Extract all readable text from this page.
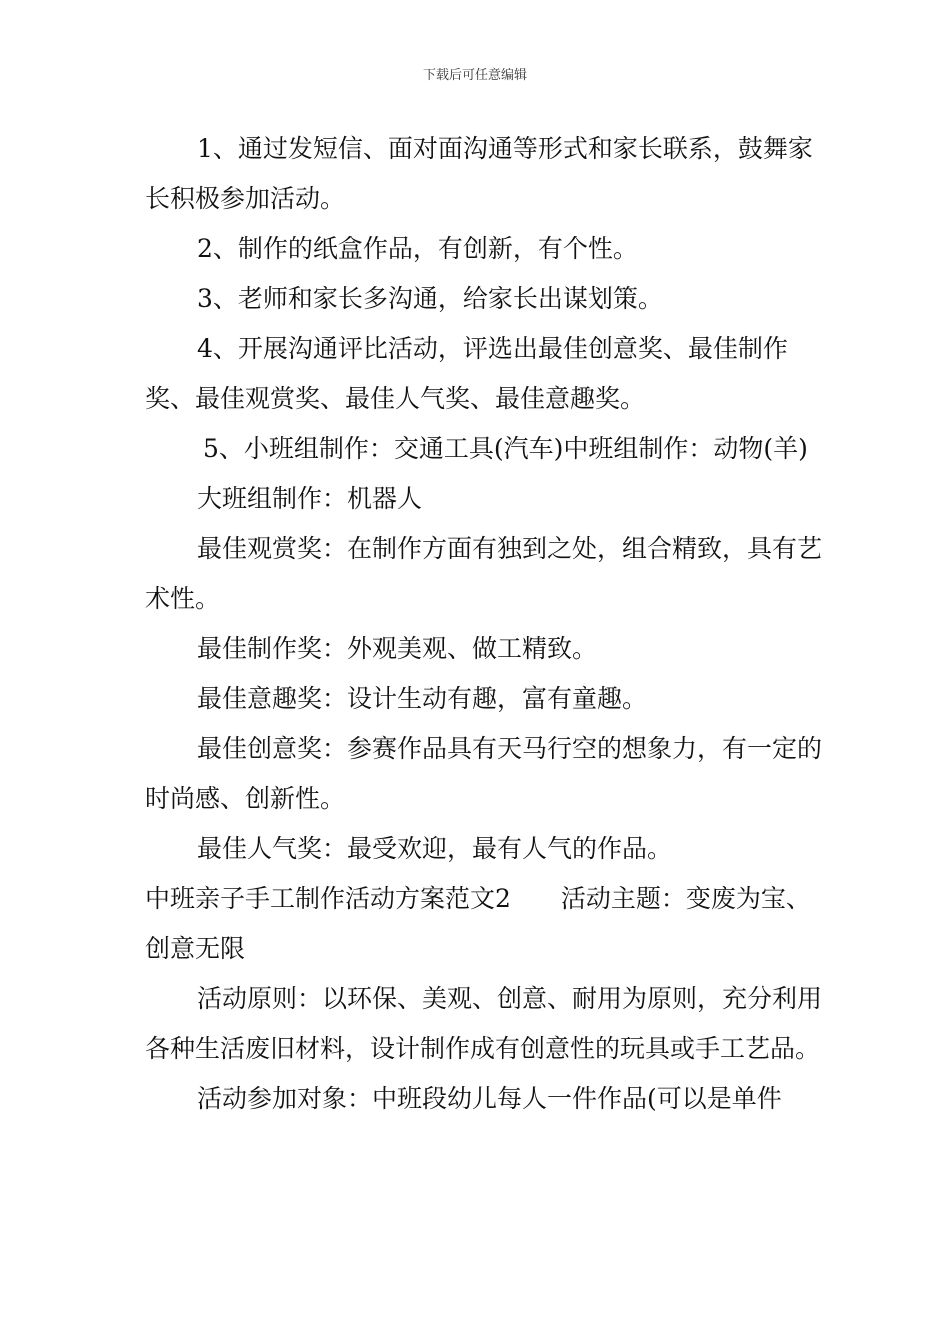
下载后可任意编辑

1、通过发短信、面对面沟通等形式和家长联系，鼓舞家长积极参加活动。

2、制作的纸盒作品，有创新，有个性。

3、老师和家长多沟通，给家长出谋划策。

4、开展沟通评比活动，评选出最佳创意奖、最佳制作奖、最佳观赏奖、最佳人气奖、最佳意趣奖。

5、小班组制作：交通工具(汽车)中班组制作：动物(羊)

大班组制作：机器人

最佳观赏奖：在制作方面有独到之处，组合精致，具有艺术性。

最佳制作奖：外观美观、做工精致。

最佳意趣奖：设计生动有趣，富有童趣。

最佳创意奖：参赛作品具有天马行空的想象力，有一定的时尚感、创新性。

最佳人气奖：最受欢迎，最有人气的作品。

中班亲子手工制作活动方案范文2　　活动主题：变废为宝、创意无限

活动原则：以环保、美观、创意、耐用为原则，充分利用各种生活废旧材料，设计制作成有创意性的玩具或手工艺品。

活动参加对象：中班段幼儿每人一件作品(可以是单件
